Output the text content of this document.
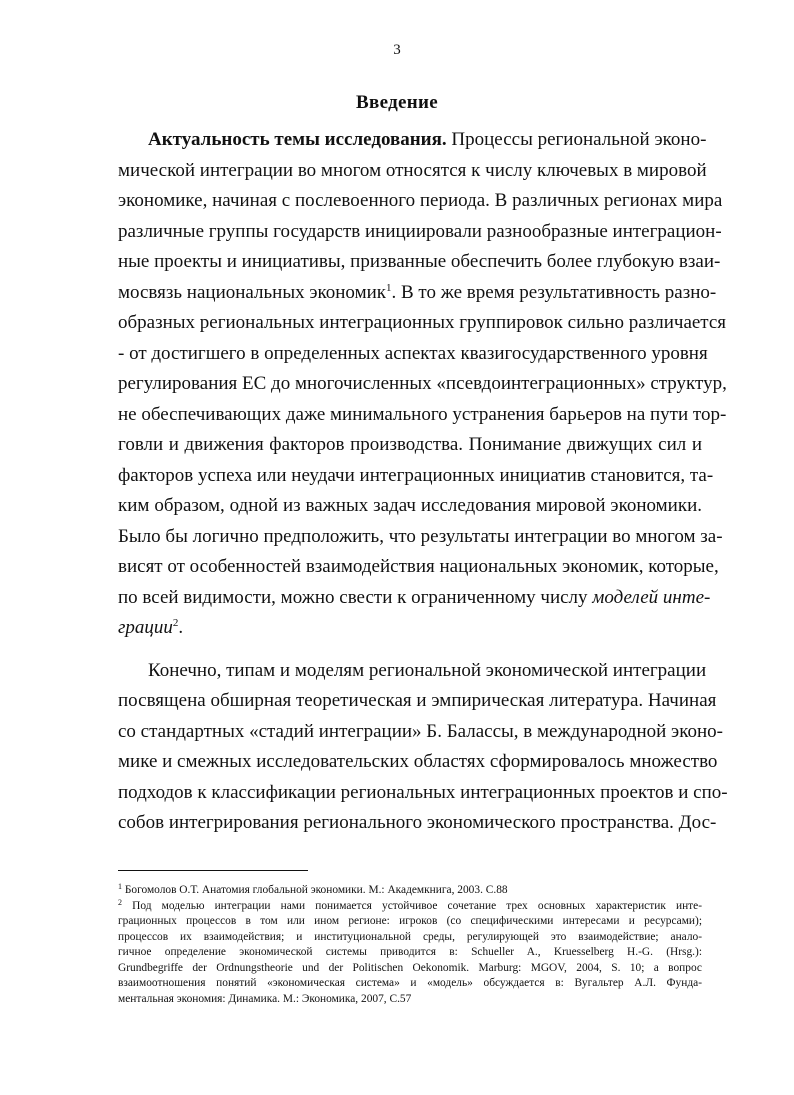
3
Введение
Актуальность темы исследования. Процессы региональной эконо-
мической интеграции во многом относятся к числу ключевых в мировой
экономике, начиная с послевоенного периода. В различных регионах мира
различные группы государств инициировали разнообразные интеграцион-
ные проекты и инициативы, призванные обеспечить более глубокую взаи-
мосвязь национальных экономик$^1$. В то же время результативность разно-
образных региональных интеграционных группировок сильно различается
- от достигшего в определенных аспектах квазигосударственного уровня
регулирования ЕС до многочисленных «псевдоинтеграционных» структур,
не обеспечивающих даже минимального устранения барьеров на пути тор-
говли и движения факторов производства. Понимание движущих сил и
факторов успеха или неудачи интеграционных инициатив становится, та-
ким образом, одной из важных задач исследования мировой экономики.
Было бы логично предположить, что результаты интеграции во многом за-
висят от особенностей взаимодействия национальных экономик, которые,
по всей видимости, можно свести к ограниченному числу моделей инте-
грации$^2$.
Конечно, типам и моделям региональной экономической интеграции
посвящена обширная теоретическая и эмпирическая литература. Начиная
со стандартных «стадий интеграции» Б. Балассы, в международной эконо-
мике и смежных исследовательских областях сформировалось множество
подходов к классификации региональных интеграционных проектов и спо-
собов интегрирования регионального экономического пространства. Дос-
$^1$ Богомолов О.Т. Анатомия глобальной экономики. М.: Академкнига, 2003. С.88
$^2$ Под моделью интеграции нами понимается устойчивое сочетание трех основных характеристик инте-
грационных процессов в том или ином регионе: игроков (со специфическими интересами и ресурсами);
процессов их взаимодействия; и институциональной среды, регулирующей это взаимодействие; анало-
гичное определение экономической системы приводится в: Schueller A., Kruesselberg H.-G. (Hrsg.):
Grundbegriffe der Ordnungstheorie und der Politischen Oekonomik. Marburg: MGOV, 2004, S. 10; а вопрос
взаимоотношения понятий «экономическая система» и «модель» обсуждается в: Вугальтер А.Л. Фунда-
ментальная экономия: Динамика. М.: Экономика, 2007, С.57
